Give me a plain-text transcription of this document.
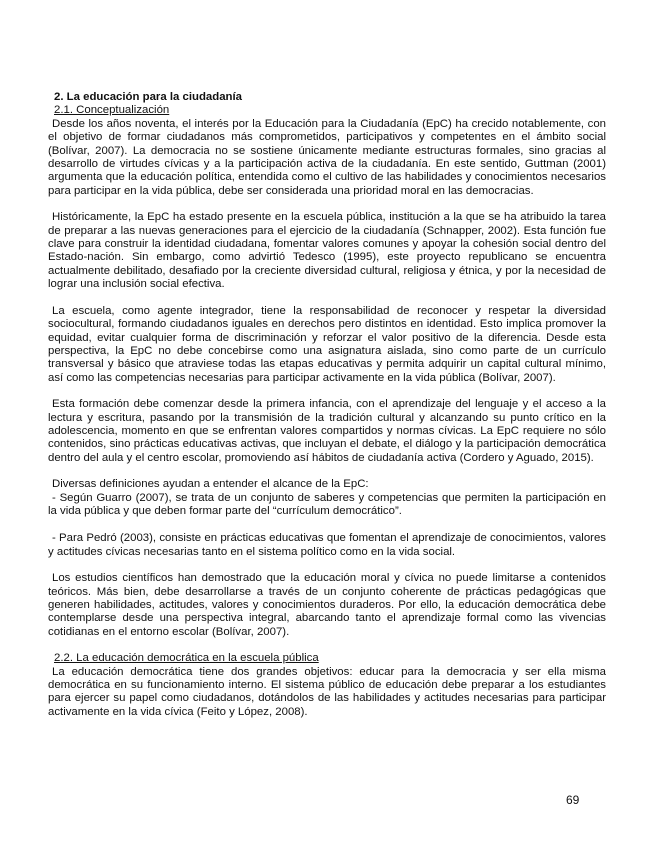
2. La educación para la ciudadanía

2.1. Conceptualización

Desde los años noventa, el interés por la Educación para la Ciudadanía (EpC) ha crecido notablemente, con el objetivo de formar ciudadanos más comprometidos, participativos y competentes en el ámbito social (Bolívar, 2007). La democracia no se sostiene únicamente mediante estructuras formales, sino gracias al desarrollo de virtudes cívicas y a la participación activa de la ciudadanía. En este sentido, Guttman (2001) argumenta que la educación política, entendida como el cultivo de las habilidades y conocimientos necesarios para participar en la vida pública, debe ser considerada una prioridad moral en las democracias.

Históricamente, la EpC ha estado presente en la escuela pública, institución a la que se ha atribuido la tarea de preparar a las nuevas generaciones para el ejercicio de la ciudadanía (Schnapper, 2002). Esta función fue clave para construir la identidad ciudadana, fomentar valores comunes y apoyar la cohesión social dentro del Estado-nación. Sin embargo, como advirtió Tedesco (1995), este proyecto republicano se encuentra actualmente debilitado, desafiado por la creciente diversidad cultural, religiosa y étnica, y por la necesidad de lograr una inclusión social efectiva.

La escuela, como agente integrador, tiene la responsabilidad de reconocer y respetar la diversidad sociocultural, formando ciudadanos iguales en derechos pero distintos en identidad. Esto implica promover la equidad, evitar cualquier forma de discriminación y reforzar el valor positivo de la diferencia. Desde esta perspectiva, la EpC no debe concebirse como una asignatura aislada, sino como parte de un currículo transversal y básico que atraviese todas las etapas educativas y permita adquirir un capital cultural mínimo, así como las competencias necesarias para participar activamente en la vida pública (Bolívar, 2007).

Esta formación debe comenzar desde la primera infancia, con el aprendizaje del lenguaje y el acceso a la lectura y escritura, pasando por la transmisión de la tradición cultural y alcanzando su punto crítico en la adolescencia, momento en que se enfrentan valores compartidos y normas cívicas. La EpC requiere no sólo contenidos, sino prácticas educativas activas, que incluyan el debate, el diálogo y la participación democrática dentro del aula y el centro escolar, promoviendo así hábitos de ciudadanía activa (Cordero y Aguado, 2015).

Diversas definiciones ayudan a entender el alcance de la EpC:

- Según Guarro (2007), se trata de un conjunto de saberes y competencias que permiten la participación en la vida pública y que deben formar parte del “currículum democrático”.

- Para Pedró (2003), consiste en prácticas educativas que fomentan el aprendizaje de conocimientos, valores y actitudes cívicas necesarias tanto en el sistema político como en la vida social.

Los estudios científicos han demostrado que la educación moral y cívica no puede limitarse a contenidos teóricos. Más bien, debe desarrollarse a través de un conjunto coherente de prácticas pedagógicas que generen habilidades, actitudes, valores y conocimientos duraderos. Por ello, la educación democrática debe contemplarse desde una perspectiva integral, abarcando tanto el aprendizaje formal como las vivencias cotidianas en el entorno escolar (Bolívar, 2007).

2.2. La educación democrática en la escuela pública

La educación democrática tiene dos grandes objetivos: educar para la democracia y ser ella misma democrática en su funcionamiento interno. El sistema público de educación debe preparar a los estudiantes para ejercer su papel como ciudadanos, dotándolos de las habilidades y actitudes necesarias para participar activamente en la vida cívica (Feito y López, 2008).

69
